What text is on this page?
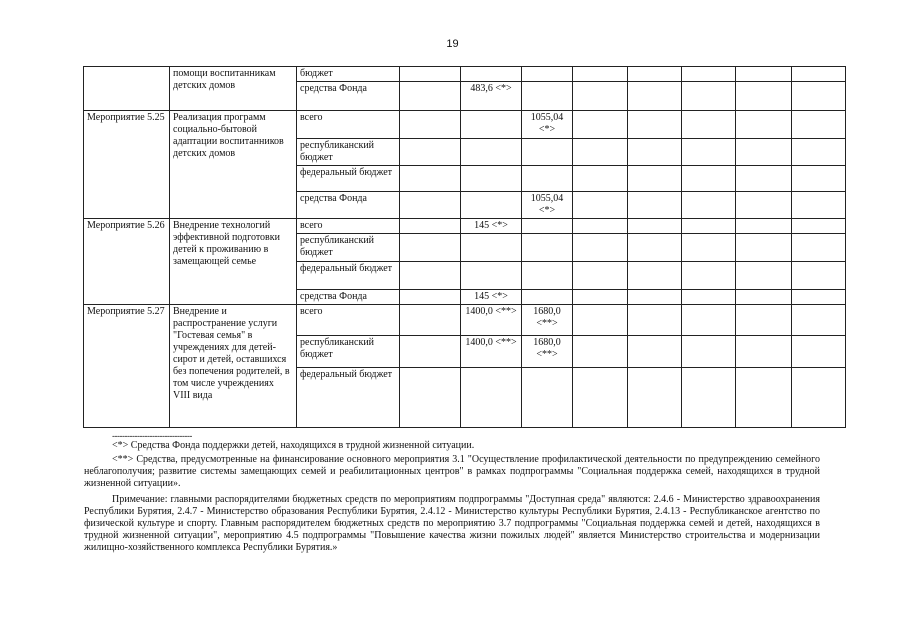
19
	помощи воспитанникам детских домов	бюджет								
		средства Фонда		483,6 <*>						
Мероприятие 5.25	Реализация программ социально-бытовой адаптации воспитанников детских домов	всего			1055,04 <*>					
		республиканский бюджет								
		федеральный бюджет								
		средства Фонда			1055,04 <*>					
Мероприятие 5.26	Внедрение технологий эффективной подготовки детей к проживанию в замещающей семье	всего		145 <*>						
		республиканский бюджет								
		федеральный бюджет								
		средства Фонда		145 <*>						
Мероприятие 5.27	Внедрение и распространение услуги "Гостевая семья" в учреждениях для детей-сирот и детей, оставшихся без попечения родителей, в том числе учреждениях VIII вида	всего		1400,0 <**>	1680,0 <**>					
		республиканский бюджет		1400,0 <**>	1680,0 <**>					
		федеральный бюджет								
--------------------------------

<*> Средства Фонда поддержки детей, находящихся в трудной жизненной ситуации.

<**> Средства, предусмотренные на финансирование основного мероприятия 3.1 "Осуществление профилактической деятельности по предупреждению семейного неблагополучия; развитие системы замещающих семей и реабилитационных центров" в рамках подпрограммы "Социальная поддержка семей, находящихся в трудной жизненной ситуации».

Примечание: главными распорядителями бюджетных средств по мероприятиям подпрограммы "Доступная среда" являются: 2.4.6 - Министерство здравоохранения Республики Бурятия, 2.4.7 - Министерство образования Республики Бурятия, 2.4.12 - Министерство культуры Республики Бурятия, 2.4.13 - Республиканское агентство по физической культуре и спорту. Главным распорядителем бюджетных средств по мероприятию 3.7 подпрограммы "Социальная поддержка семей и детей, находящихся в трудной жизненной ситуации", мероприятию 4.5 подпрограммы "Повышение качества жизни пожилых людей" является Министерство строительства и модернизации жилищно-хозяйственного комплекса Республики Бурятия.»
